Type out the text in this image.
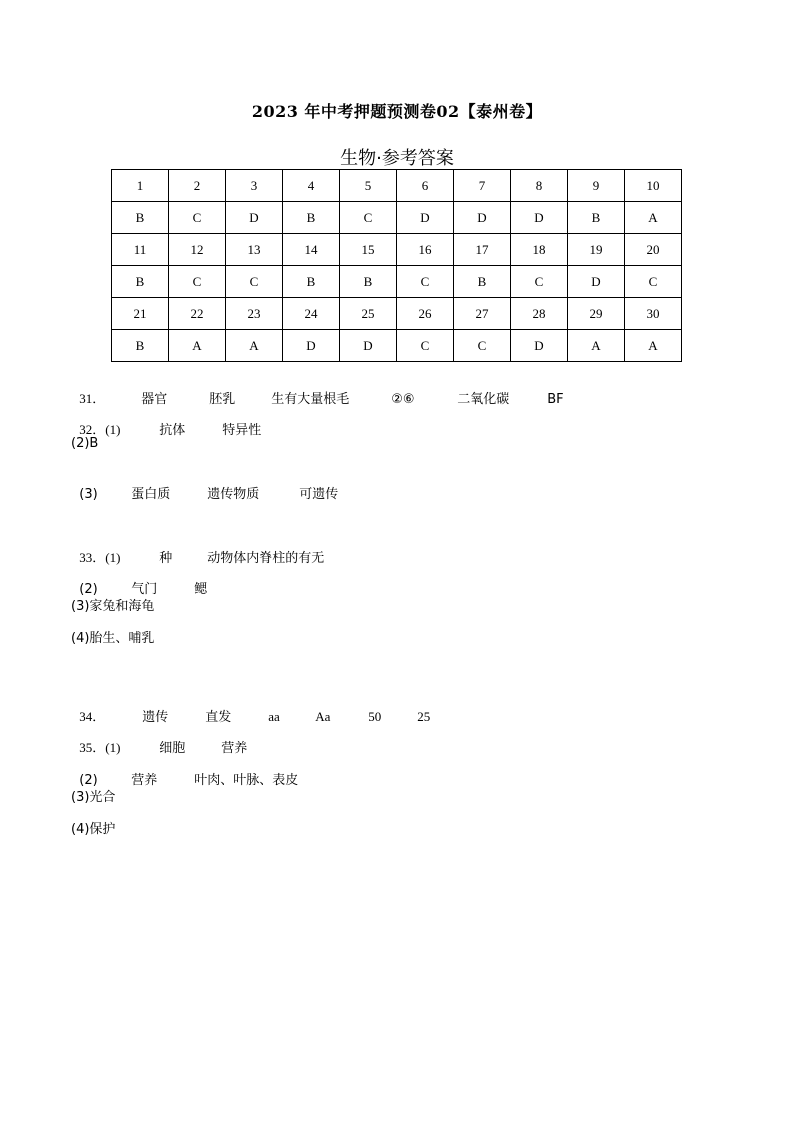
2023 年中考押题预测卷02【泰州卷】
生物·参考答案
1	2	3	4	5	6	7	8	9	10
B	C	D	B	C	D	D	D	B	A
11	12	13	14	15	16	17	18	19	20
B	C	C	B	B	C	B	C	D	C
21	22	23	24	25	26	27	28	29	30
B	A	A	D	D	C	C	D	A	A

31．	器官	胚乳	生有大量根毛	②⑥	二氧化碳	BF

32．(1)	抗体	特异性

(2)B

(3)	蛋白质	遗传物质	可遗传

33．(1)	种	动物体内脊柱的有无

(2)	气门	鳃

(3)家兔和海龟
(4)胎生、哺乳

34．	遗传	直发	aa	Aa	50	25

35．(1)	细胞	营养

(2)	营养	叶肉、叶脉、表皮

(3)光合
(4)保护
